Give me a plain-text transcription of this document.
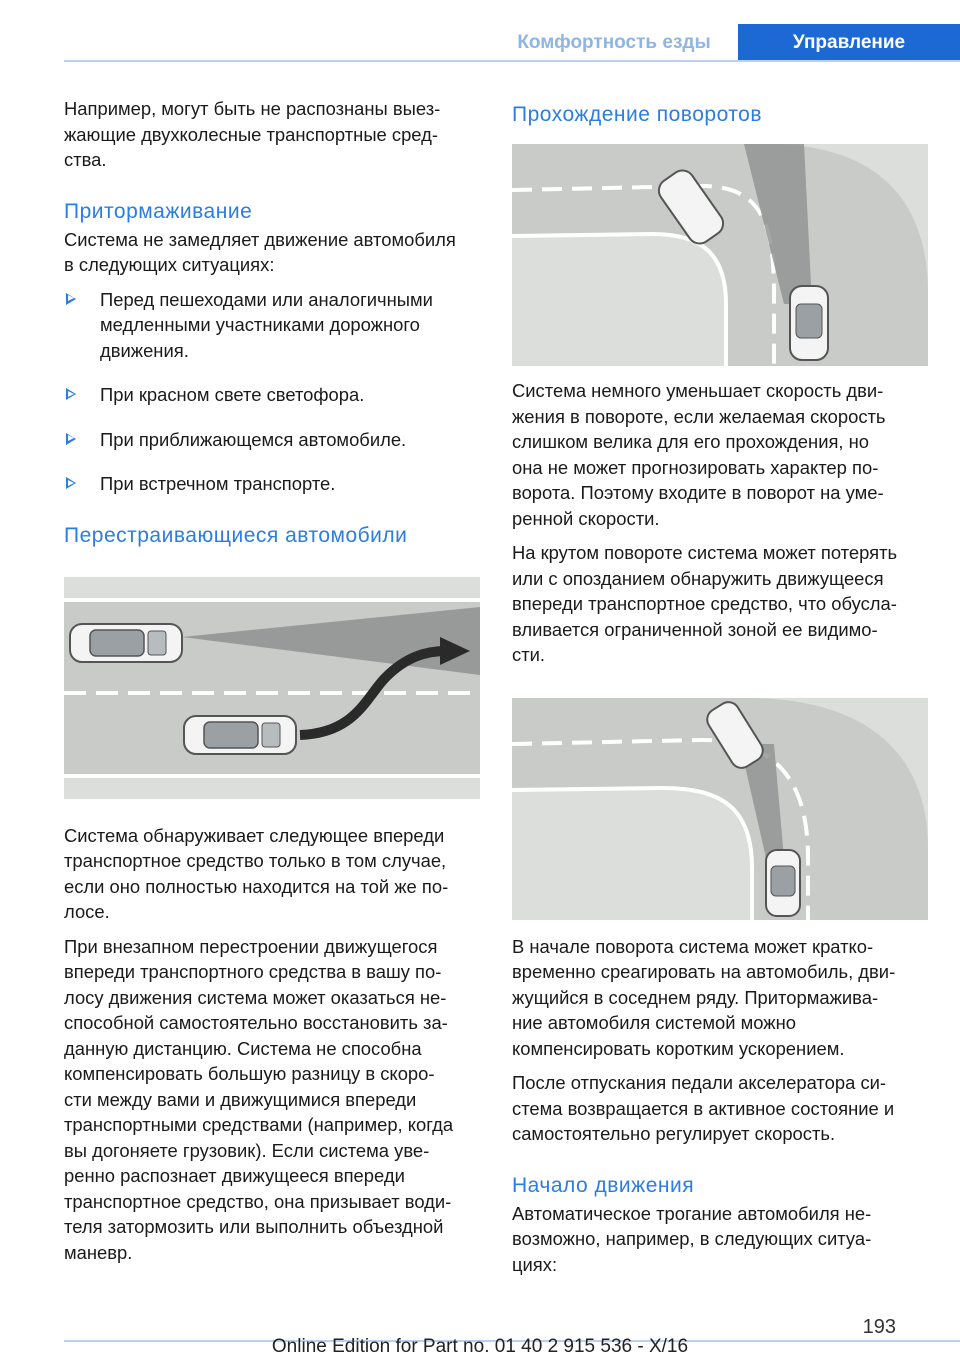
Комфортность езды	Управление

Например, могут быть не распознаны выез-
жающие двухколесные транспортные сред-
ства.

Притормаживание

Система не замедляет движение автомобиля
в следующих ситуациях:

Перед пешеходами или аналогичными
медленными участниками дорожного
движения.
При красном свете светофора.
При приближающемся автомобиле.
При встречном транспорте.
Перестраивающиеся автомобили

Система обнаруживает следующее впереди
транспортное средство только в том случае,
если оно полностью находится на той же по-
лосе.

При внезапном перестроении движущегося
впереди транспортного средства в вашу по-
лосу движения система может оказаться не-
способной самостоятельно восстановить за-
данную дистанцию. Система не способна
компенсировать большую разницу в скоро-
сти между вами и движущимися впереди
транспортными средствами (например, когда
вы догоняете грузовик). Если система уве-
ренно распознает движущееся впереди
транспортное средство, она призывает води-
теля затормозить или выполнить объездной
маневр.

Прохождение поворотов

Система немного уменьшает скорость дви-
жения в повороте, если желаемая скорость
слишком велика для его прохождения, но
она не может прогнозировать характер по-
ворота. Поэтому входите в поворот на уме-
ренной скорости.

На крутом повороте система может потерять
или с опозданием обнаружить движущееся
впереди транспортное средство, что обусла-
вливается ограниченной зоной ее видимо-
сти.

В начале поворота система может кратко-
временно среагировать на автомобиль, дви-
жущийся в соседнем ряду. Притормажива-
ние автомобиля системой можно
компенсировать коротким ускорением.

После отпускания педали акселератора си-
стема возвращается в активное состояние и
самостоятельно регулирует скорость.

Начало движения

Автоматическое трогание автомобиля не-
возможно, например, в следующих ситуа-
циях:

193
Online Edition for Part no. 01 40 2 915 536 - X/16
